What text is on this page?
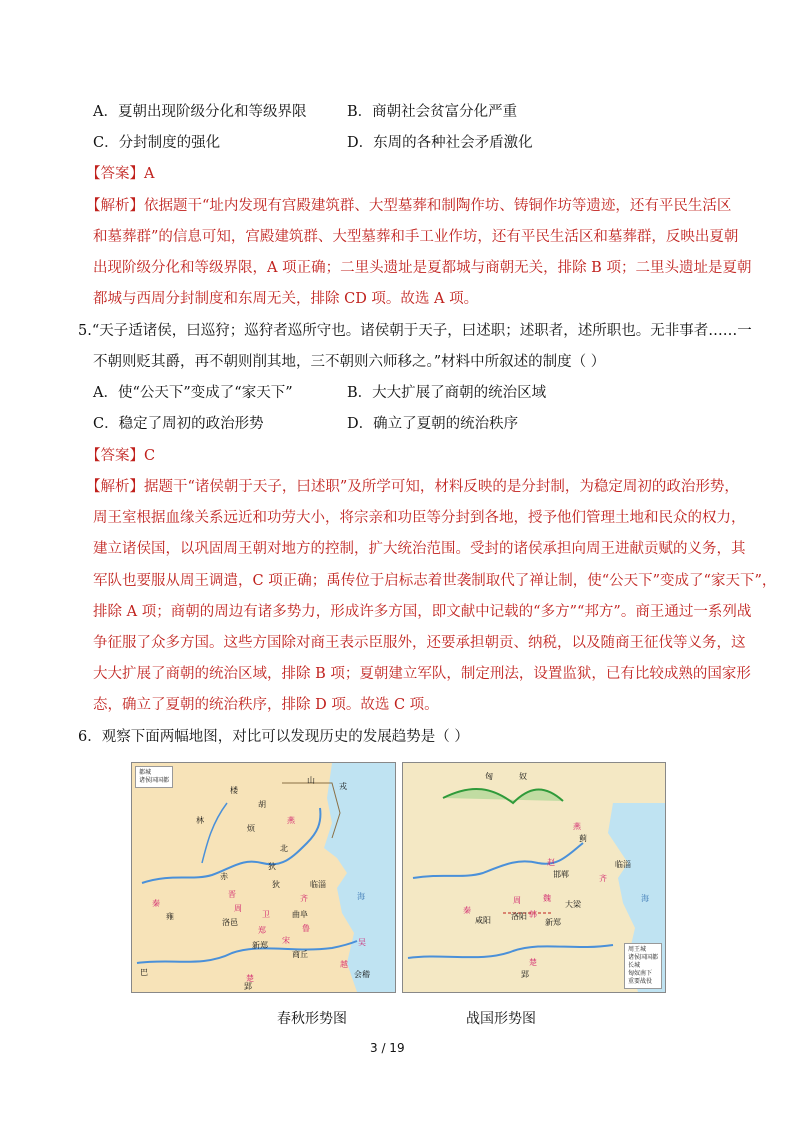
A．夏朝出现阶级分化和等级界限	B．商朝社会贫富分化严重
C．分封制度的强化	D．东周的各种社会矛盾激化
【答案】A
【解析】依据题干“址内发现有宫殿建筑群、大型墓葬和制陶作坊、铸铜作坊等遗迹，还有平民生活区
和墓葬群”的信息可知，宫殿建筑群、大型墓葬和手工业作坊，还有平民生活区和墓葬群，反映出夏朝
出现阶级分化和等级界限，A 项正确；二里头遗址是夏都城与商朝无关，排除 B 项；二里头遗址是夏朝
都城与西周分封制度和东周无关，排除 CD 项。故选 A 项。
5.“天子适诸侯，曰巡狩；巡狩者巡所守也。诸侯朝于天子，曰述职；述职者，述所职也。无非事者……一
不朝则贬其爵，再不朝则削其地，三不朝则六师移之。”材料中所叙述的制度（ ）
A．使“公天下”变成了“家天下”	B．大大扩展了商朝的统治区域
C．稳定了周初的政治形势	D．确立了夏朝的统治秩序
【答案】C
【解析】据题干“诸侯朝于天子，曰述职”及所学可知，材料反映的是分封制，为稳定周初的政治形势，
周王室根据血缘关系远近和功劳大小，将宗亲和功臣等分封到各地，授予他们管理土地和民众的权力，
建立诸侯国，以巩固周王朝对地方的控制，扩大统治范围。受封的诸侯承担向周王进献贡赋的义务，其
军队也要服从周王调遣，C 项正确；禹传位于启标志着世袭制取代了禅让制，使“公天下”变成了“家天下”，
排除 A 项；商朝的周边有诸多势力，形成许多方国，即文献中记载的“多方”“邦方”。商王通过一系列战
争征服了众多方国。这些方国除对商王表示臣服外，还要承担朝贡、纳税，以及随商王征伐等义务，这
大大扩展了商朝的统治区域，排除 B 项；夏朝建立军队，制定刑法，设置监狱，已有比较成熟的国家形
态，确立了夏朝的统治秩序，排除 D 项。故选 C 项。
6．观察下面两幅地图，对比可以发现历史的发展趋势是（ ）
都城
诸侯国国都
楼
林
胡
烦
燕
山
戎
北
狄
赤
狄
晋	齐
临淄
曲阜
鲁
卫
郑
宋
秦
雍
洛邑
周
新郑
商丘
楚
郢
巴
吴
越
会稽
海
周王城
诸侯国国都
长城
匈奴南下
重要战役
匈	奴
燕
蓟
赵
邯郸	齐
临淄
魏
大梁
韩
新郑
秦
咸阳	洛阳
周
楚
郢
海
春秋形势图	战国形势图
3 / 19
